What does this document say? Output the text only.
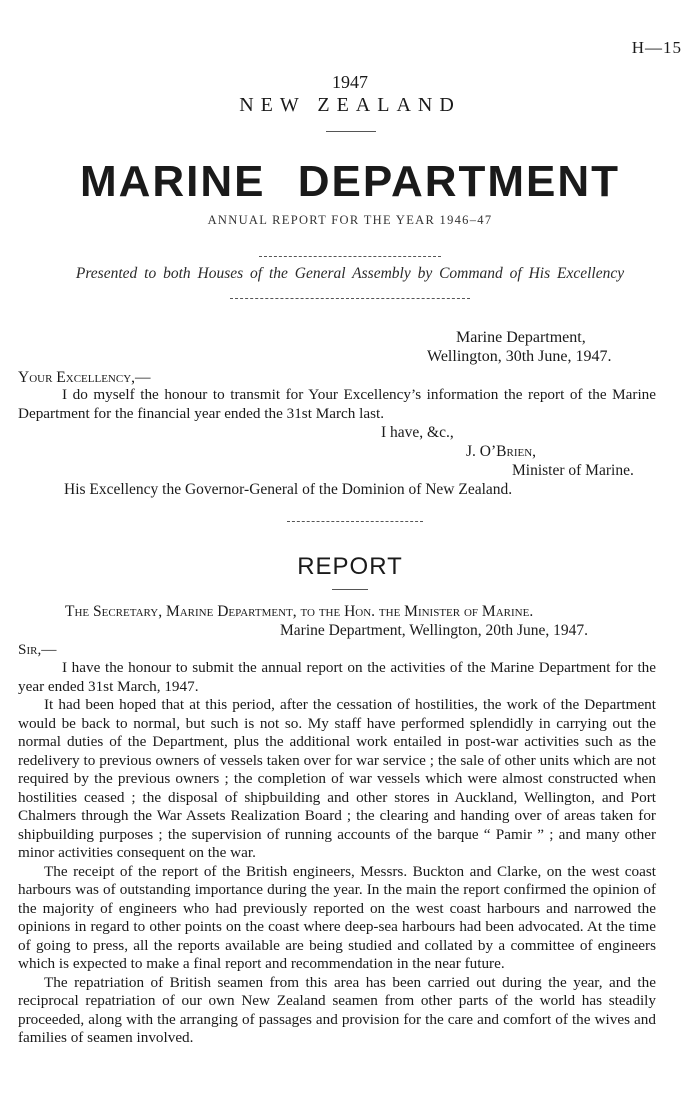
H—15
1947
NEW ZEALAND
MARINE DEPARTMENT
ANNUAL REPORT FOR THE YEAR 1946–47
Presented to both Houses of the General Assembly by Command of His Excellency
Marine Department,
Wellington, 30th June, 1947.
Your Excellency,—

I do myself the honour to transmit for Your Excellency’s information the report of the Marine Department for the financial year ended the 31st March last.

I have, &c.,
J. O’Brien,
Minister of Marine.
His Excellency the Governor-General of the Dominion of New Zealand.
REPORT
The Secretary, Marine Department, to the Hon. the Minister of Marine.
Marine Department, Wellington, 20th June, 1947.
Sir,—

I have the honour to submit the annual report on the activities of the Marine Department for the year ended 31st March, 1947.

It had been hoped that at this period, after the cessation of hostilities, the work of the Department would be back to normal, but such is not so. My staff have performed splendidly in carrying out the normal duties of the Department, plus the additional work entailed in post-war activities such as the redelivery to previous owners of vessels taken over for war service ; the sale of other units which are not required by the previous owners ; the completion of war vessels which were almost constructed when hostilities ceased ; the disposal of shipbuilding and other stores in Auckland, Wellington, and Port Chalmers through the War Assets Realization Board ; the clearing and handing over of areas taken for shipbuilding purposes ; the supervision of running accounts of the barque “ Pamir ” ; and many other minor activities consequent on the war.

The receipt of the report of the British engineers, Messrs. Buckton and Clarke, on the west coast harbours was of outstanding importance during the year. In the main the report confirmed the opinion of the majority of engineers who had previously reported on the west coast harbours and narrowed the opinions in regard to other points on the coast where deep-sea harbours had been advocated. At the time of going to press, all the reports available are being studied and collated by a committee of engineers which is expected to make a final report and recommendation in the near future.

The repatriation of British seamen from this area has been carried out during the year, and the reciprocal repatriation of our own New Zealand seamen from other parts of the world has steadily proceeded, along with the arranging of passages and provision for the care and comfort of the wives and families of seamen involved.
